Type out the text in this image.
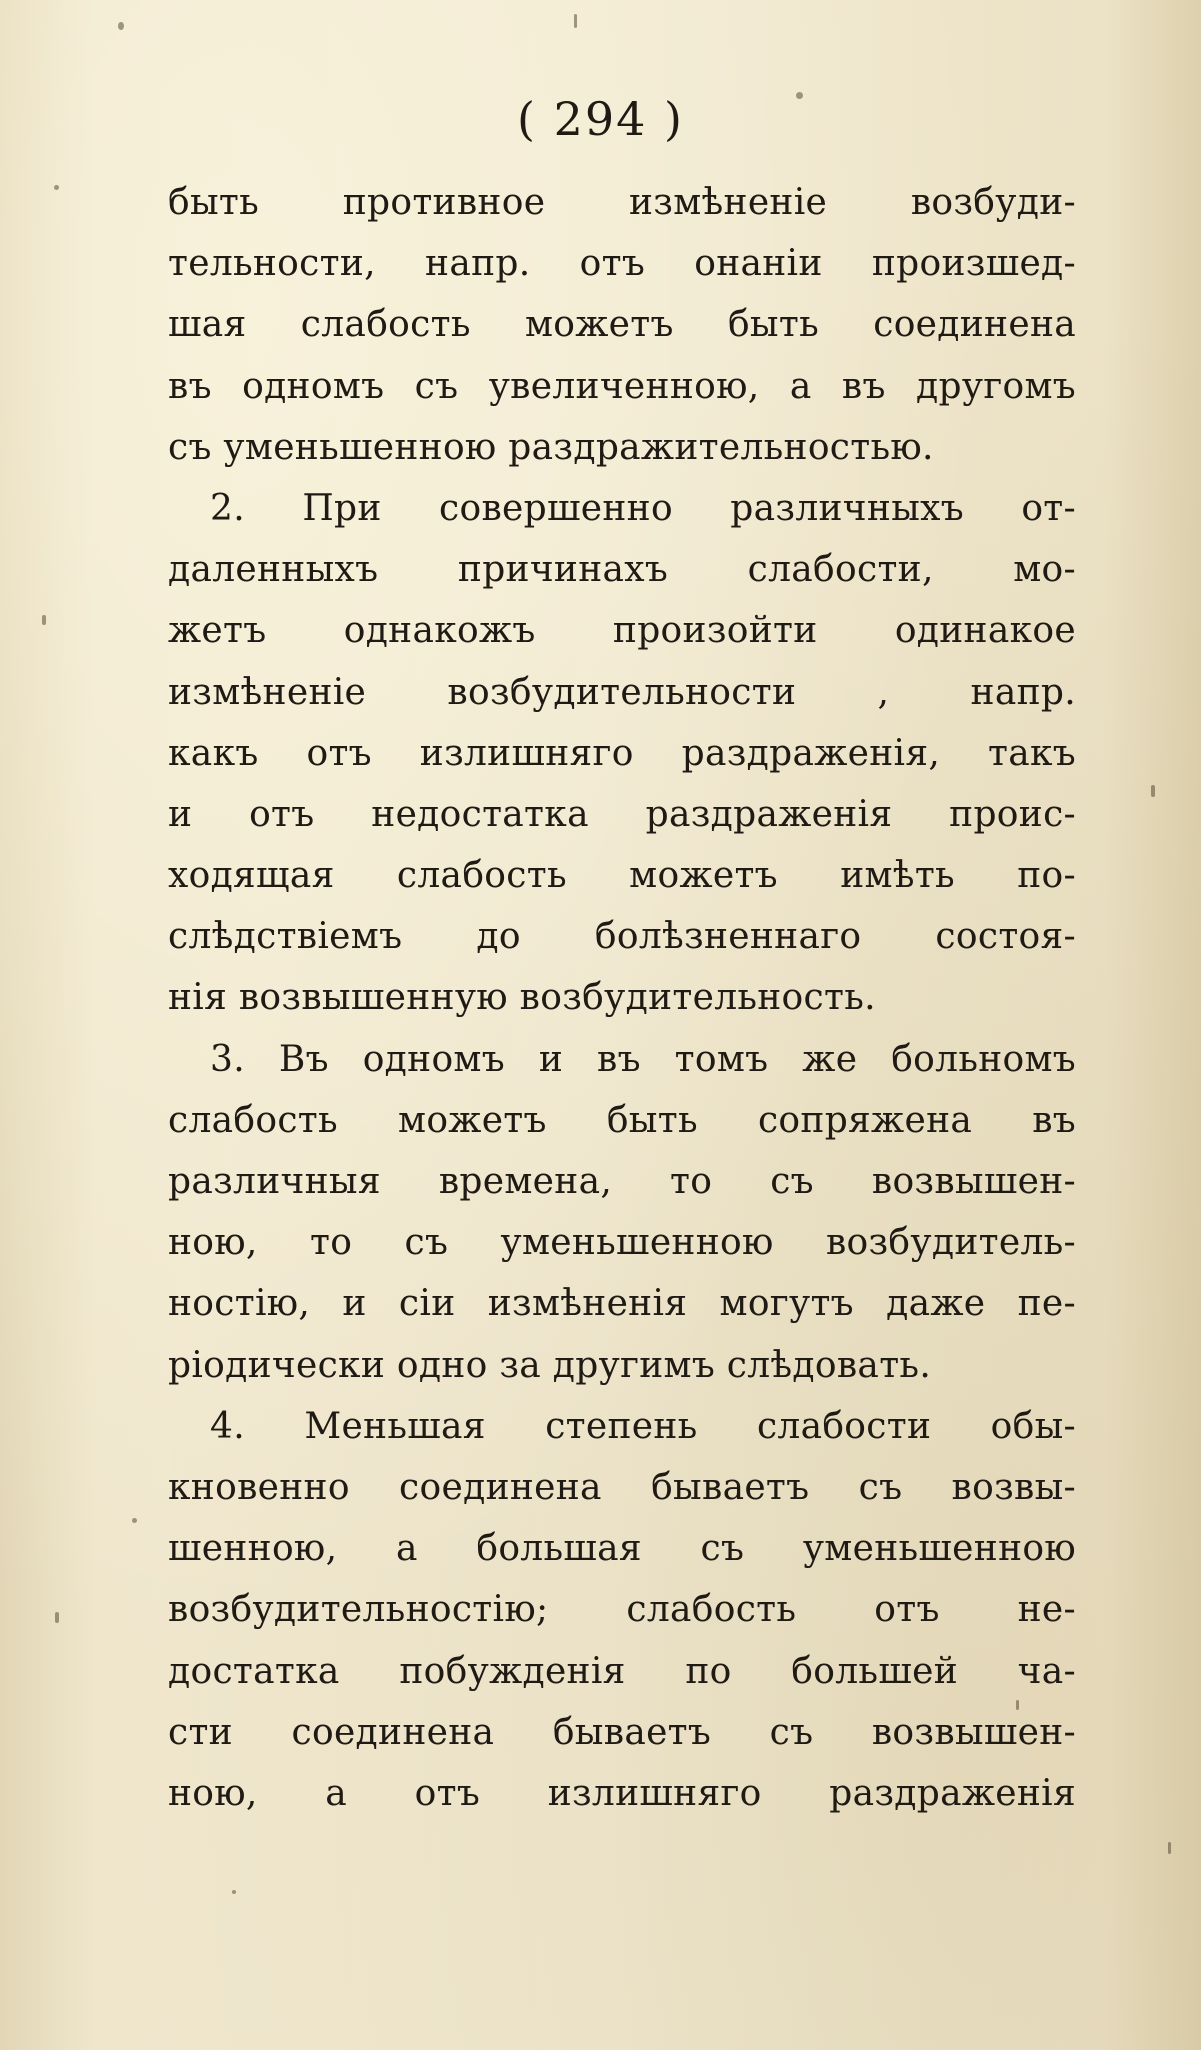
( 294 )
быть противное измѣненіе возбуди-
тельности, напр. отъ онаніи произшед-
шая слабость можетъ быть соединена
въ одномъ съ увеличенною, а въ другомъ
съ уменьшенною раздражительностью.
2. При совершенно различныхъ от-
даленныхъ причинахъ слабости, мо-
жетъ однакожъ произойти одинакое
измѣненіе возбудительности , напр.
какъ отъ излишняго раздраженія, такъ
и отъ недостатка раздраженія проис-
ходящая слабость можетъ имѣть по-
слѣдствіемъ до болѣзненнаго состоя-
нія возвышенную возбудительность.
3. Въ одномъ и въ томъ же больномъ
слабость можетъ быть сопряжена въ
различныя времена, то съ возвышен-
ною, то съ уменьшенною возбудитель-
ностію, и сіи измѣненія могутъ даже пе-
ріодически одно за другимъ слѣдовать.
4. Меньшая степень слабости обы-
кновенно соединена бываетъ съ возвы-
шенною, а большая съ уменьшенною
возбудительностію; слабость отъ не-
достатка побужденія по большей ча-
сти соединена бываетъ съ возвышен-
ною, а отъ излишняго раздраженія
